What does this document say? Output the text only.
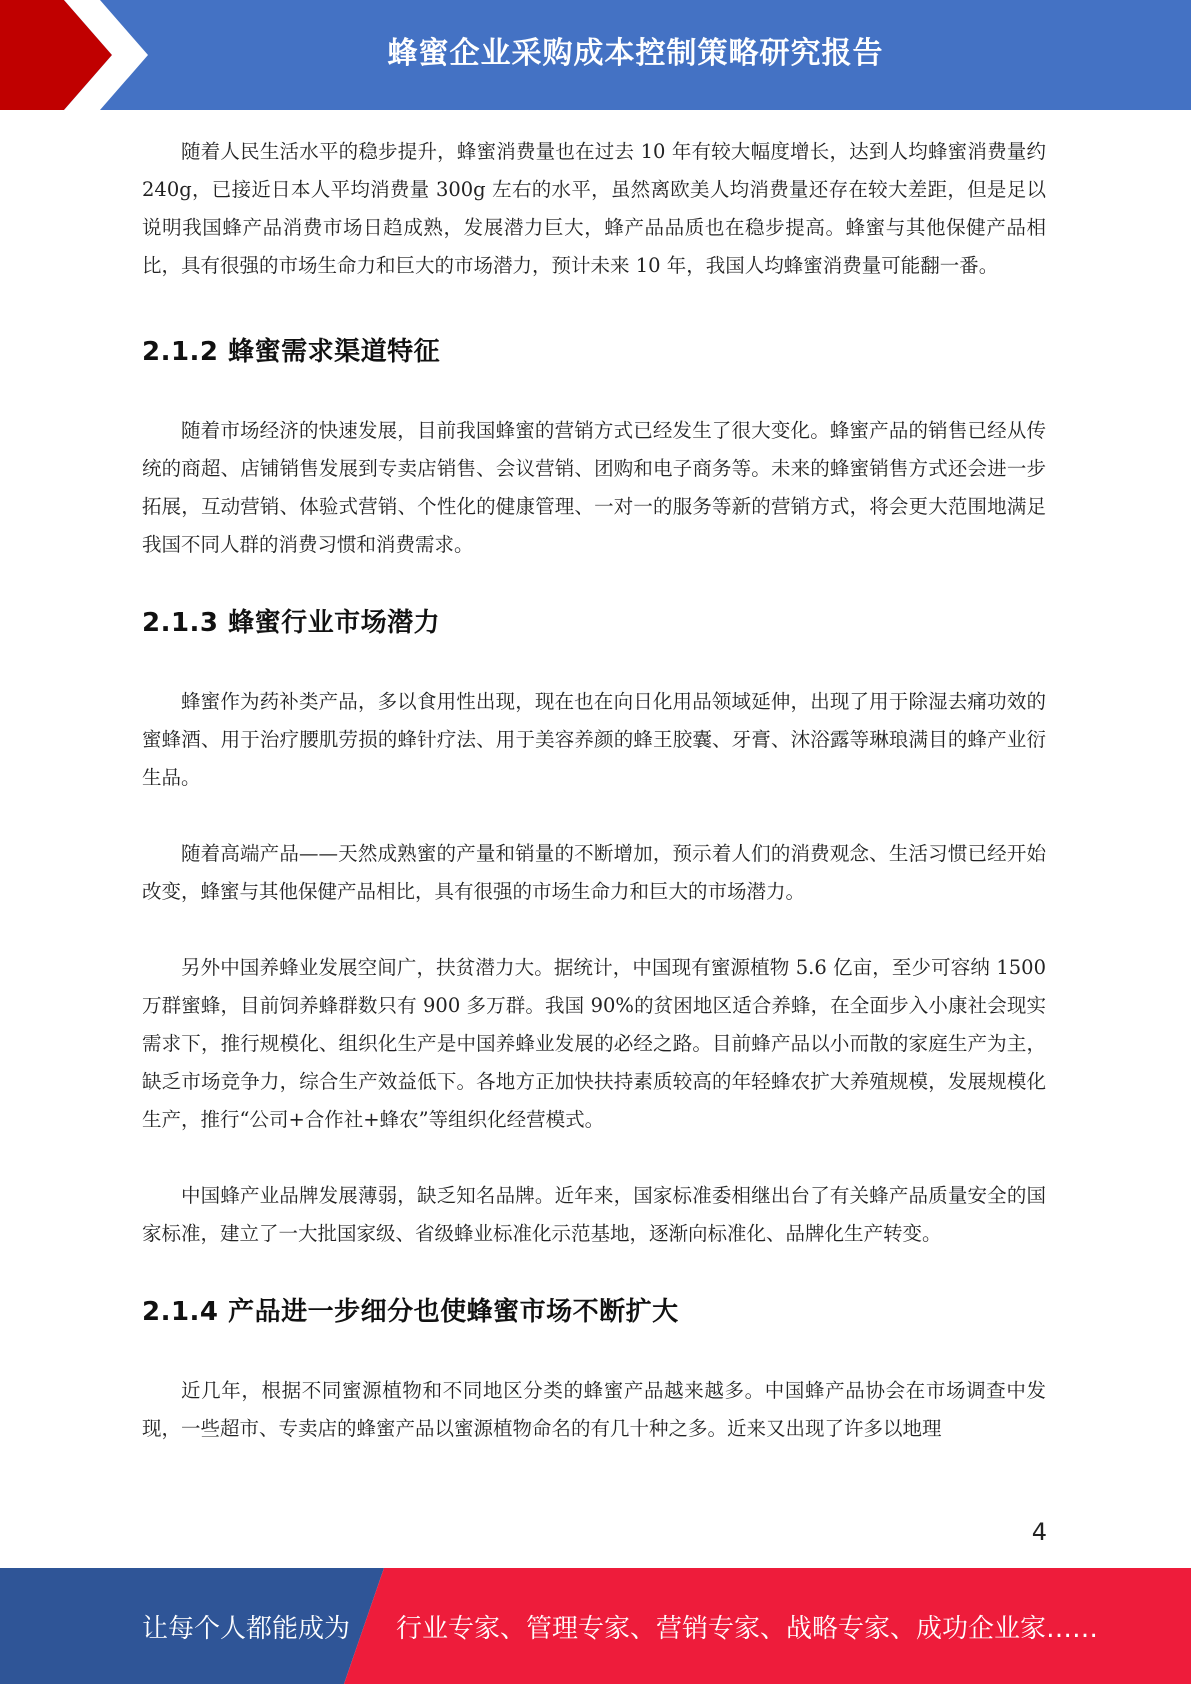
蜂蜜企业采购成本控制策略研究报告

随着人民生活水平的稳步提升，蜂蜜消费量也在过去 10 年有较大幅度增长，达到人均蜂蜜消费量约 240g，已接近日本人平均消费量 300g 左右的水平，虽然离欧美人均消费量还存在较大差距，但是足以说明我国蜂产品消费市场日趋成熟，发展潜力巨大，蜂产品品质也在稳步提高。蜂蜜与其他保健产品相比，具有很强的市场生命力和巨大的市场潜力，预计未来 10 年，我国人均蜂蜜消费量可能翻一番。

2.1.2 蜂蜜需求渠道特征

随着市场经济的快速发展，目前我国蜂蜜的营销方式已经发生了很大变化。蜂蜜产品的销售已经从传统的商超、店铺销售发展到专卖店销售、会议营销、团购和电子商务等。未来的蜂蜜销售方式还会进一步拓展，互动营销、体验式营销、个性化的健康管理、一对一的服务等新的营销方式，将会更大范围地满足我国不同人群的消费习惯和消费需求。

2.1.3 蜂蜜行业市场潜力

蜂蜜作为药补类产品，多以食用性出现，现在也在向日化用品领域延伸，出现了用于除湿去痛功效的蜜蜂酒、用于治疗腰肌劳损的蜂针疗法、用于美容养颜的蜂王胶囊、牙膏、沐浴露等琳琅满目的蜂产业衍生品。

随着高端产品——天然成熟蜜的产量和销量的不断增加，预示着人们的消费观念、生活习惯已经开始改变，蜂蜜与其他保健产品相比，具有很强的市场生命力和巨大的市场潜力。

另外中国养蜂业发展空间广，扶贫潜力大。据统计，中国现有蜜源植物 5.6 亿亩，至少可容纳 1500 万群蜜蜂，目前饲养蜂群数只有 900 多万群。我国 90%的贫困地区适合养蜂，在全面步入小康社会现实需求下，推行规模化、组织化生产是中国养蜂业发展的必经之路。目前蜂产品以小而散的家庭生产为主，缺乏市场竞争力，综合生产效益低下。各地方正加快扶持素质较高的年轻蜂农扩大养殖规模，发展规模化生产，推行“公司+合作社+蜂农”等组织化经营模式。

中国蜂产业品牌发展薄弱，缺乏知名品牌。近年来，国家标准委相继出台了有关蜂产品质量安全的国家标准，建立了一大批国家级、省级蜂业标准化示范基地，逐渐向标准化、品牌化生产转变。

2.1.4 产品进一步细分也使蜂蜜市场不断扩大

近几年，根据不同蜜源植物和不同地区分类的蜂蜜产品越来越多。中国蜂产品协会在市场调查中发现，一些超市、专卖店的蜂蜜产品以蜜源植物命名的有几十种之多。近来又出现了许多以地理

4
让每个人都能成为 行业专家、管理专家、营销专家、战略专家、成功企业家……
